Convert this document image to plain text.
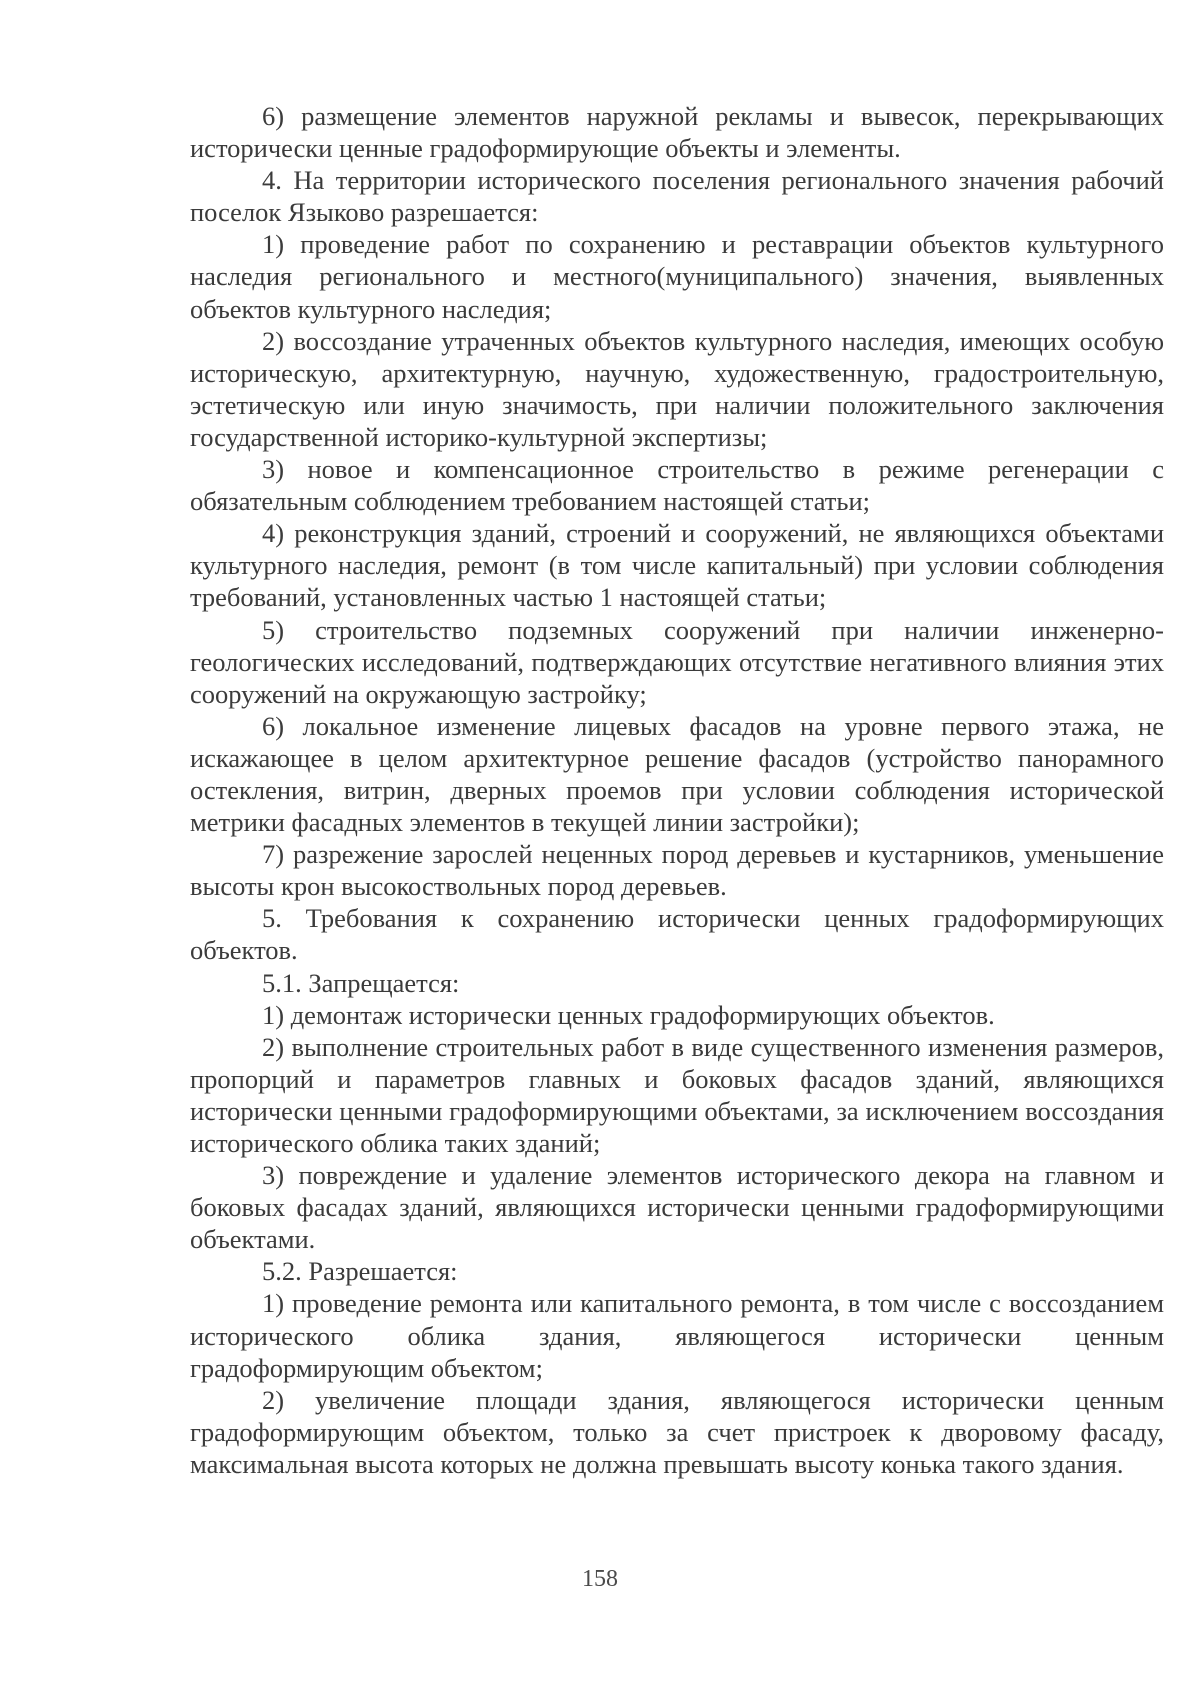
6) размещение элементов наружной рекламы и вывесок, перекрывающих исторически ценные градоформирующие объекты и элементы.

4. На территории исторического поселения регионального значения рабочий поселок Языково разрешается:

1) проведение работ по сохранению и реставрации объектов культурного наследия регионального и местного(муниципального) значения, выявленных объектов культурного наследия;

2) воссоздание утраченных объектов культурного наследия, имеющих особую историческую, архитектурную, научную, художественную, градостроительную, эстетическую или иную значимость, при наличии положительного заключения государственной историко-культурной экспертизы;

3) новое и компенсационное строительство в режиме регенерации с обязательным соблюдением требованием настоящей статьи;

4) реконструкция зданий, строений и сооружений, не являющихся объектами культурного наследия, ремонт (в том числе капитальный) при условии соблюдения требований, установленных частью 1 настоящей статьи;

5) строительство подземных сооружений при наличии инженерно-геологических исследований, подтверждающих отсутствие негативного влияния этих сооружений на окружающую застройку;

6) локальное изменение лицевых фасадов на уровне первого этажа, не искажающее в целом архитектурное решение фасадов (устройство панорамного остекления, витрин, дверных проемов при условии соблюдения исторической метрики фасадных элементов в текущей линии застройки);

7) разрежение зарослей неценных пород деревьев и кустарников, уменьшение высоты крон высокоствольных пород деревьев.

5. Требования к сохранению исторически ценных градоформирующих объектов.

5.1. Запрещается:

1) демонтаж исторически ценных градоформирующих объектов.

2) выполнение строительных работ в виде существенного изменения размеров, пропорций и параметров главных и боковых фасадов зданий, являющихся исторически ценными градоформирующими объектами, за исключением воссоздания исторического облика таких зданий;

3) повреждение и удаление элементов исторического декора на главном и боковых фасадах зданий, являющихся исторически ценными градоформирующими объектами.

5.2. Разрешается:

1) проведение ремонта или капитального ремонта, в том числе с воссозданием исторического облика здания, являющегося исторически ценным градоформирующим объектом;

2) увеличение площади здания, являющегося исторически ценным градоформирующим объектом, только за счет пристроек к дворовому фасаду, максимальная высота которых не должна превышать высоту конька такого здания.

158
